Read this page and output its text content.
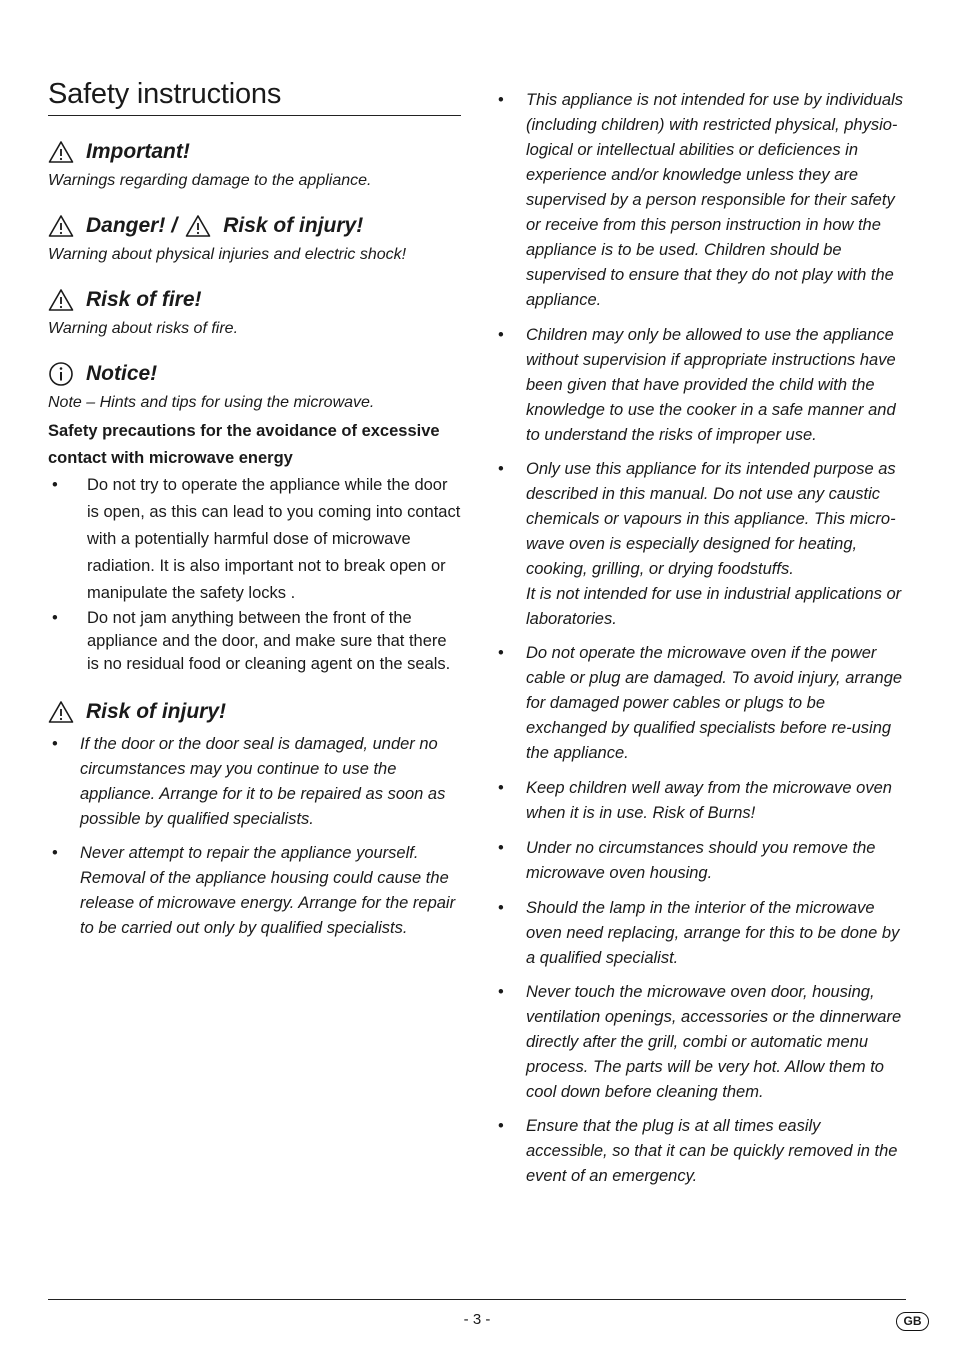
Safety instructions
Important!

Warnings regarding damage to the appliance.

Danger! / Risk of injury!

Warning about physical injuries and electric shock!

Risk of fire!

Warning about risks of fire.

Notice!

Note – Hints and tips for using the microwave.

Safety precautions for the avoidance of excessive contact with microwave energy
• Do not try to operate the appliance while the door is open, as this can lead to you coming into contact with a potentially harmful dose of microwave radiation. It is also important not to break open or manipulate the safety locks .
• Do not jam anything between the front of the appliance and the door, and make sure that there is no residual food or cleaning agent on the seals.
Risk of injury!
• If the door or the door seal is damaged, under no circumstances may you continue to use the appliance. Arrange for it to be repaired as soon as possible by qualified specialists.
• Never attempt to repair the appliance yourself. Removal of the appliance housing could cause the release of microwave energy. Arrange for the repair to be carried out only by qualified specialists.
• This appliance is not intended for use by individuals (including children) with restricted physical, physiological or intellectual abilities or deficiences in experience and/or knowledge unless they are supervised by a person responsible for their safety or receive from this person instruction in how the appliance is to be used. Children should be supervised to ensure that they do not play with the appliance.
• Children may only be allowed to use the appliance without supervision if appropriate instructions have been given that have provided the child with the knowledge to use the cooker in a safe manner and to understand the risks of improper use.
• Only use this appliance for its intended purpose as described in this manual. Do not use any caustic chemicals or vapours in this appliance. This microwave oven is especially designed for heating, cooking, grilling, or drying foodstuffs.
It is not intended for use in industrial applications or laboratories.
• Do not operate the microwave oven if the power cable or plug are damaged. To avoid injury, arrange for damaged power cables or plugs to be exchanged by qualified specialists before re-using the appliance.
• Keep children well away from the microwave oven when it is in use. Risk of Burns!
• Under no circumstances should you remove the microwave oven housing.
• Should the lamp in the interior of the microwave oven need replacing, arrange for this to be done by a qualified specialist.
• Never touch the microwave oven door, housing, ventilation openings, accessories or the dinnerware directly after the grill, combi or automatic menu process. The parts will be very hot. Allow them to cool down before cleaning them.
• Ensure that the plug is at all times easily accessible, so that it can be quickly removed in the event of an emergency.
- 3 -	GB
